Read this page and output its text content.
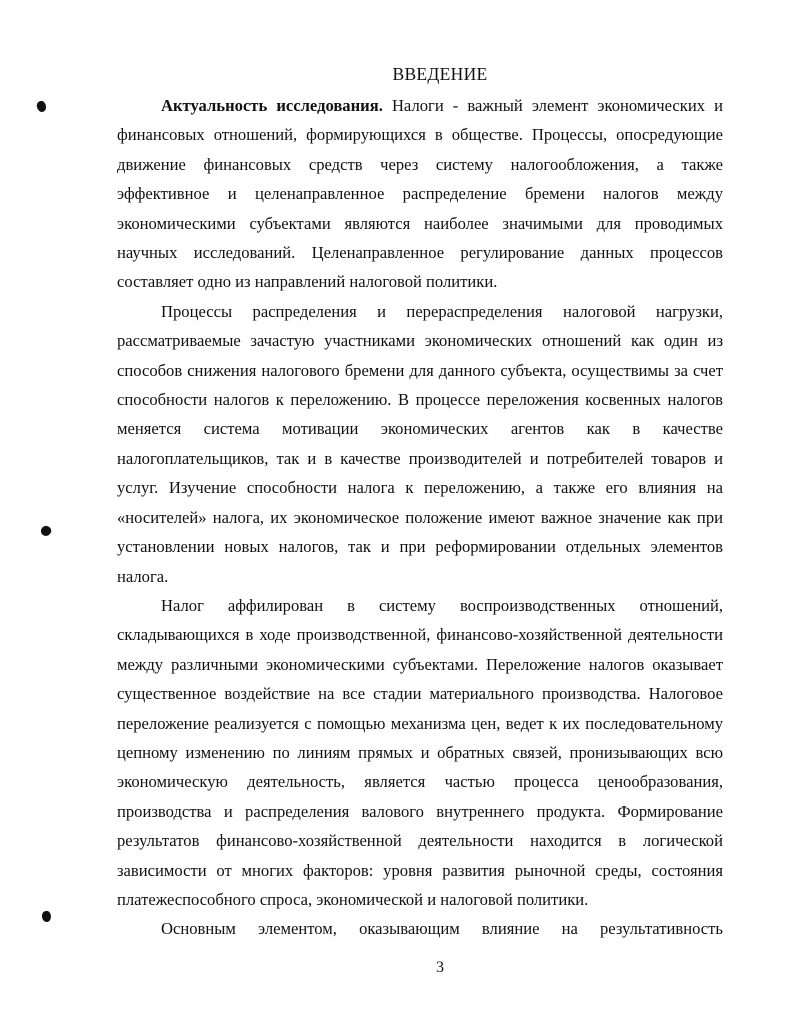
ВВЕДЕНИЕ

Актуальность исследования. Налоги - важный элемент экономических и финансовых отношений, формирующихся в обществе. Процессы, опосредующие движение финансовых средств через систему налогообложения, а также эффективное и целенаправленное распределение бремени налогов между экономическими субъектами являются наиболее значимыми для проводимых научных исследований. Целенаправленное регулирование данных процессов составляет одно из направлений налоговой политики.

Процессы распределения и перераспределения налоговой нагрузки, рассматриваемые зачастую участниками экономических отношений как один из способов снижения налогового бремени для данного субъекта, осуществимы за счет способности налогов к переложению. В процессе переложения косвенных налогов меняется система мотивации экономических агентов как в качестве налогоплательщиков, так и в качестве производителей и потребителей товаров и услуг. Изучение способности налога к переложению, а также его влияния на «носителей» налога, их экономическое положение имеют важное значение как при установлении новых налогов, так и при реформировании отдельных элементов налога.

Налог аффилирован в систему воспроизводственных отношений, складывающихся в ходе производственной, финансово-хозяйственной деятельности между различными экономическими субъектами. Переложение налогов оказывает существенное воздействие на все стадии материального производства. Налоговое переложение реализуется с помощью механизма цен, ведет к их последовательному цепному изменению по линиям прямых и обратных связей, пронизывающих всю экономическую деятельность, является частью процесса ценообразования, производства и распределения валового внутреннего продукта. Формирование результатов финансово-хозяйственной деятельности находится в логической зависимости от многих факторов: уровня развития рыночной среды, состояния платежеспособного спроса, экономической и налоговой политики.

Основным элементом, оказывающим влияние на результативность

3
